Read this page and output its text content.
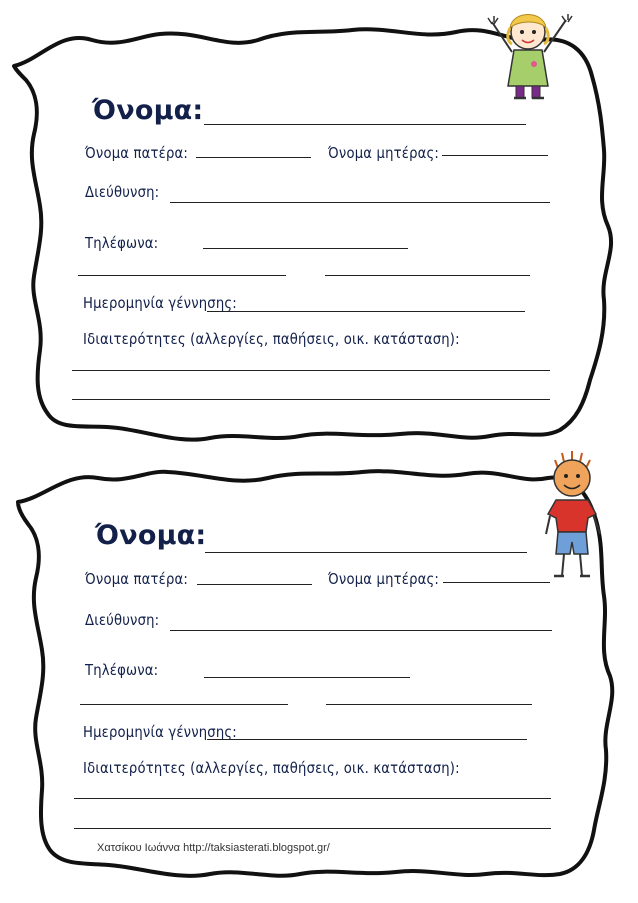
Όνομα:
Όνομα πατέρα:	Όνομα μητέρας:
Διεύθυνση:
Τηλέφωνα:
Ημερομηνία γέννησης:
Ιδιαιτερότητες (αλλεργίες, παθήσεις, οικ. κατάσταση):
Όνομα:
Όνομα πατέρα:	Όνομα μητέρας:
Διεύθυνση:
Τηλέφωνα:
Ημερομηνία γέννησης:
Ιδιαιτερότητες (αλλεργίες, παθήσεις, οικ. κατάσταση):
Χατσίκου Ιωάννα http://taksiasterati.blogspot.gr/
